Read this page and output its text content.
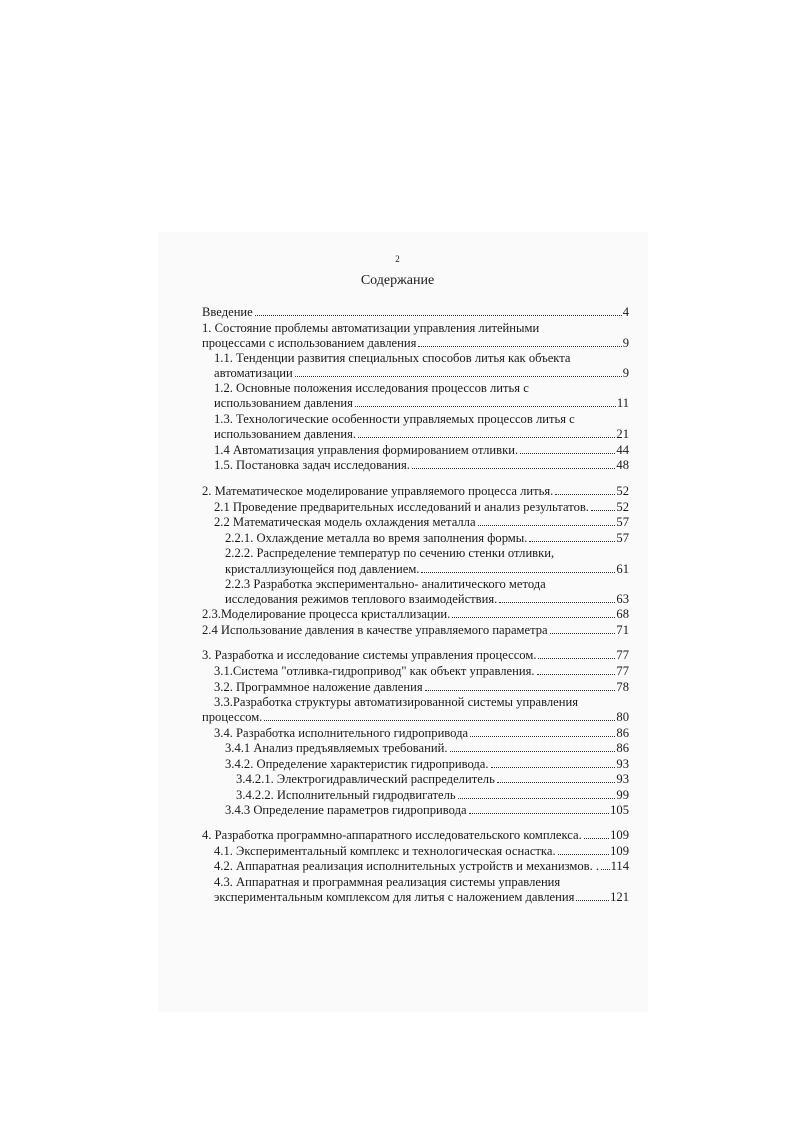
2
Содержание
Введение	4
1. Состояние проблемы автоматизации управления литейными
процессами с использованием давления	9
1.1. Тенденции развития специальных способов литья как объекта
автоматизации	9
1.2. Основные положения исследования процессов литья с
использованием давления	11
1.3. Технологические особенности управляемых процессов литья с
использованием давления.	21
1.4 Автоматизация управления формированием отливки.	44
1.5. Постановка задач исследования.	48
2. Математическое моделирование управляемого процесса литья.	52
2.1 Проведение предварительных исследований и анализ результатов. 52
2.2 Математическая модель охлаждения металла	57
2.2.1. Охлаждение металла во время заполнения формы.	57
2.2.2. Распределение температур по сечению стенки отливки,
кристаллизующейся под давлением.	61
2.2.3 Разработка экспериментально- аналитического метода
исследования режимов теплового взаимодействия.	63
2.3.Моделирование процесса кристаллизации.	68
2.4 Использование давления в качестве управляемого параметра	71
3. Разработка и исследование системы управления процессом.	77
3.1.Система "отливка-гидропривод" как объект управления.	77
3.2. Программное наложение давления	78
3.3.Разработка структуры автоматизированной системы управления
процессом.	80
3.4. Разработка исполнительного гидропривода	86
3.4.1 Анализ предъявляемых требований.	86
3.4.2. Определение характеристик гидропривода.	93
3.4.2.1. Электрогидравлический распределитель	93
3.4.2.2. Исполнительный гидродвигатель	99
3.4.3 Определение параметров гидропривода	105
4. Разработка программно-аппаратного исследовательского комплекса. 109
4.1. Экспериментальный комплекс и технологическая оснастка.	109
4.2. Аппаратная реализация исполнительных устройств и механизмов. . 114
4.3. Аппаратная и программная реализация системы управления
экспериментальным комплексом для литья с наложением давления	121
